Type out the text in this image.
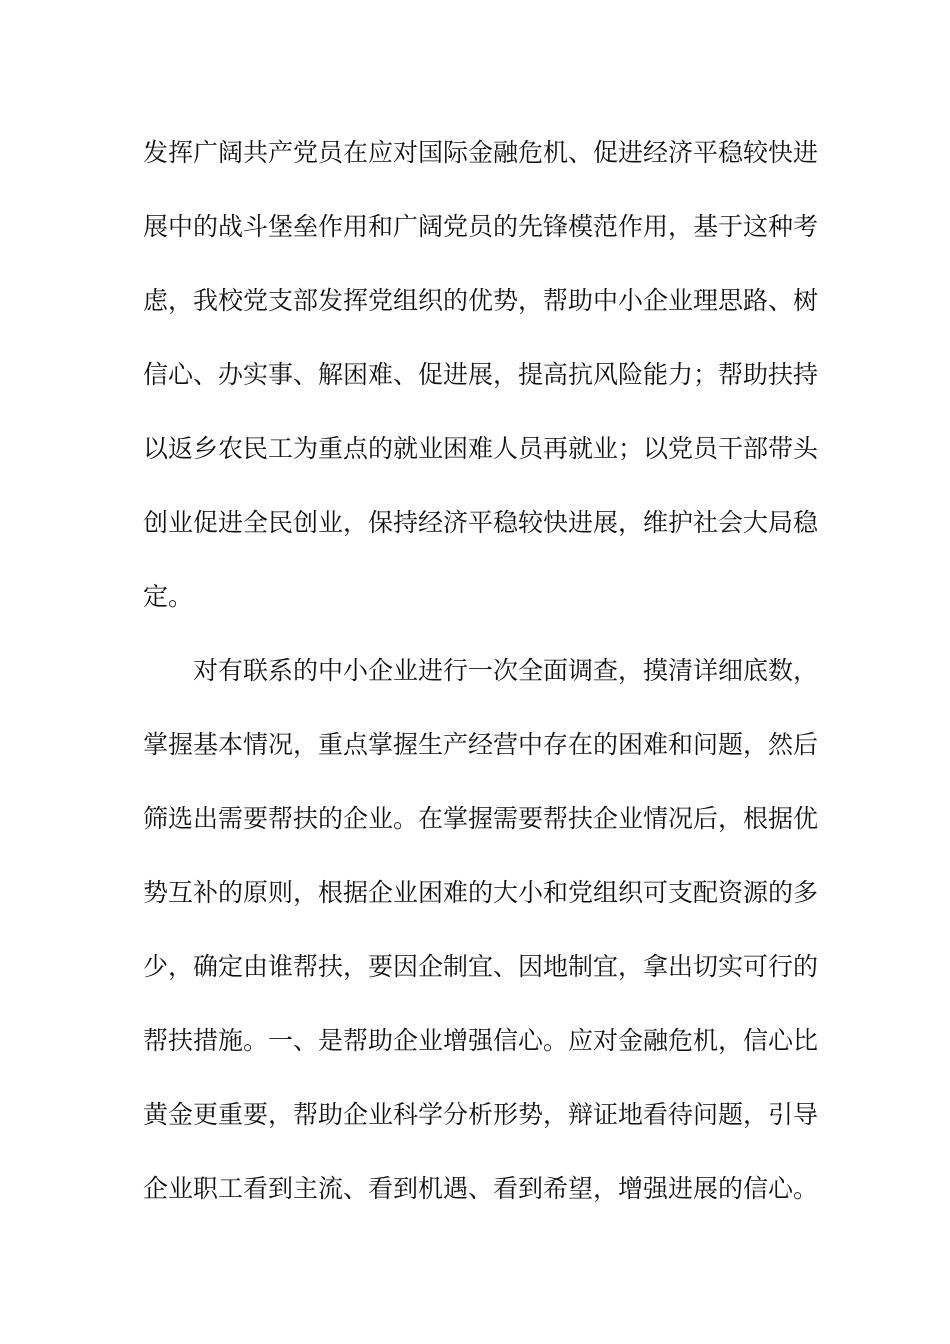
发挥广阔共产党员在应对国际金融危机、促进经济平稳较快进
展中的战斗堡垒作用和广阔党员的先锋模范作用，基于这种考
虑，我校党支部发挥党组织的优势，帮助中小企业理思路、树
信心、办实事、解困难、促进展，提高抗风险能力；帮助扶持
以返乡农民工为重点的就业困难人员再就业；以党员干部带头
创业促进全民创业，保持经济平稳较快进展，维护社会大局稳
定。
对有联系的中小企业进行一次全面调查，摸清详细底数，
掌握基本情况，重点掌握生产经营中存在的困难和问题，然后
筛选出需要帮扶的企业。在掌握需要帮扶企业情况后，根据优
势互补的原则，根据企业困难的大小和党组织可支配资源的多
少，确定由谁帮扶，要因企制宜、因地制宜，拿出切实可行的
帮扶措施。一、是帮助企业增强信心。应对金融危机，信心比
黄金更重要，帮助企业科学分析形势，辩证地看待问题，引导
企业职工看到主流、看到机遇、看到希望，增强进展的信心。
